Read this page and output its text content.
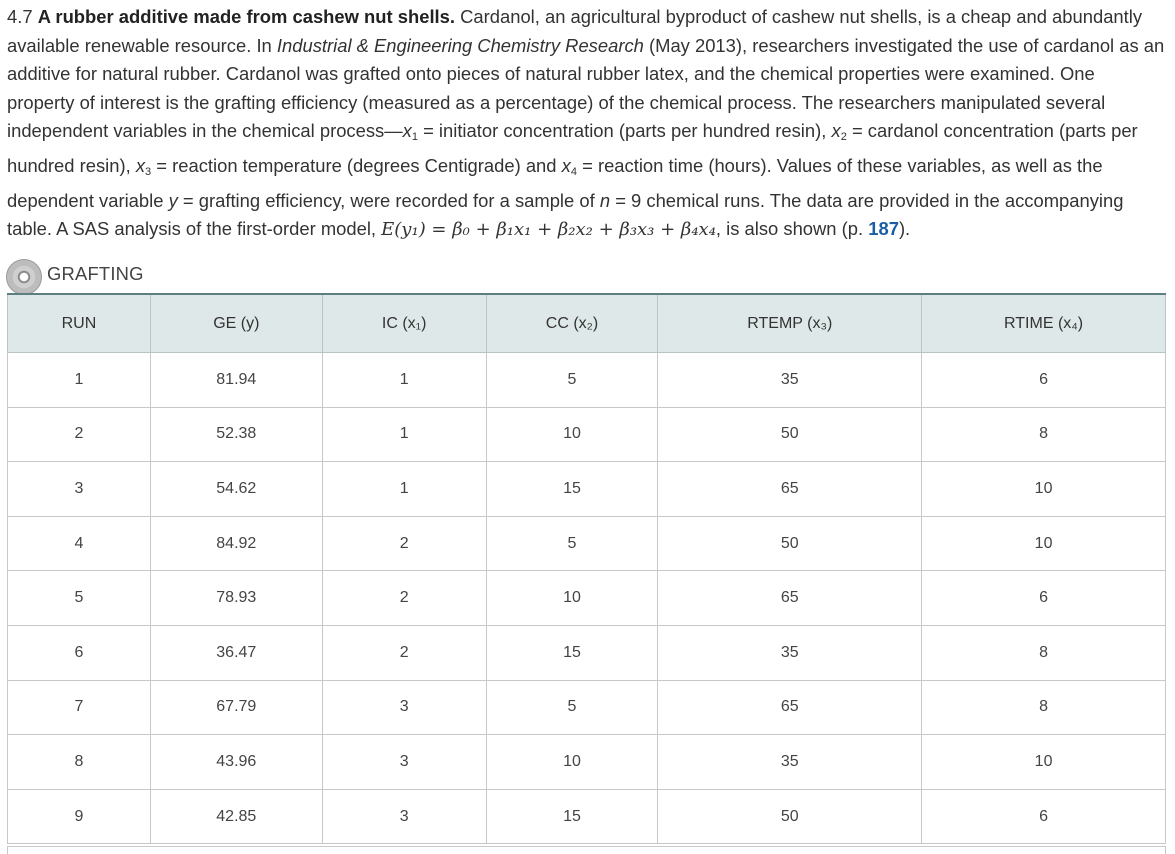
4.7 A rubber additive made from cashew nut shells. Cardanol, an agricultural byproduct of cashew nut shells, is a cheap and abundantly available renewable resource. In Industrial & Engineering Chemistry Research (May 2013), researchers investigated the use of cardanol as an additive for natural rubber. Cardanol was grafted onto pieces of natural rubber latex, and the chemical properties were examined. One property of interest is the grafting efficiency (measured as a percentage) of the chemical process. The researchers manipulated several independent variables in the chemical $process—x_1$ = initiator concentration (parts per hundred resin), $x_2$ = cardanol concentration (parts per hundred resin), $x_3$ = reaction temperature (degrees Centigrade) and $x_4$ = reaction time (hours). Values of these variables, as well as the dependent variable y = grafting efficiency, were recorded for a sample of n = 9 chemical runs. The data are provided in the accompanying table. A SAS analysis of the first-order model, E(y₁) = β₀ + β₁x₁ + β₂x₂ + β₃x₃ + β₄x₄, is also shown (p. 187).
GRAFTING
RUN	GE (y)	IC (x₁)	CC (x₂)	RTEMP (x₃)	RTIME (x₄)
1	81.94	1	5	35	6
2	52.38	1	10	50	8
3	54.62	1	15	65	10
4	84.92	2	5	50	10
5	78.93	2	10	65	6
6	36.47	2	15	35	8
7	67.79	3	5	65	8
8	43.96	3	10	35	10
9	42.85	3	15	50	6
